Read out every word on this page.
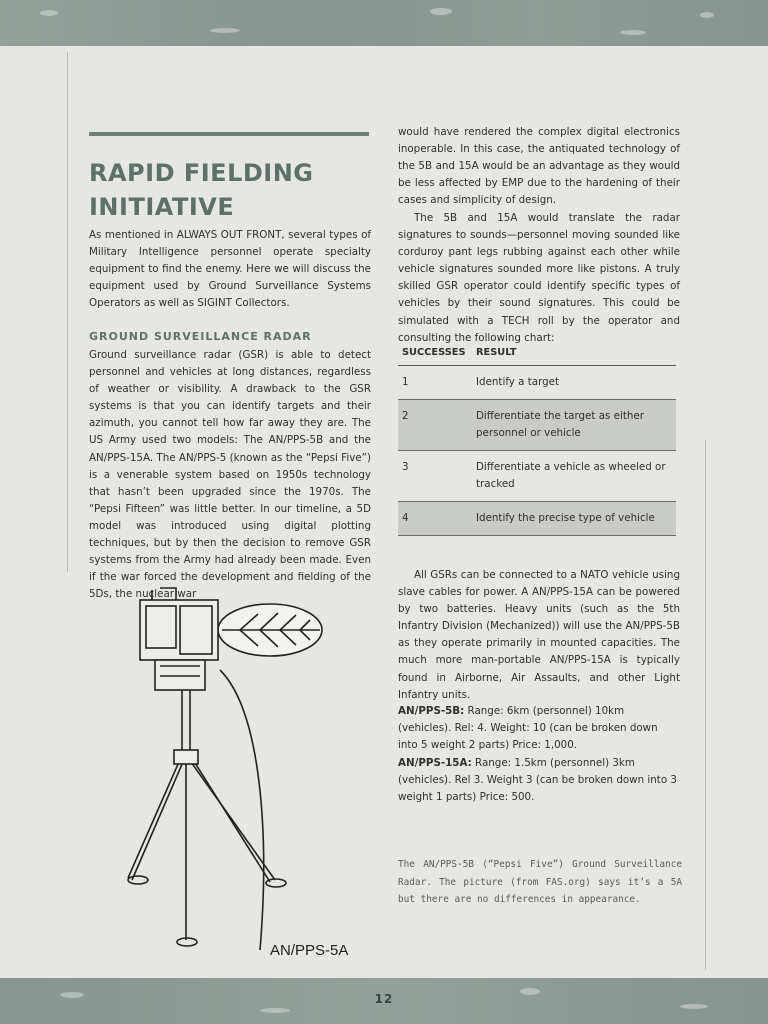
RAPID FIELDING INITIATIVE

As mentioned in ALWAYS OUT FRONT, several types of Military Intelligence personnel operate specialty equipment to find the enemy. Here we will discuss the equipment used by Ground Surveillance Systems Operators as well as SIGINT Collectors.

GROUND SURVEILLANCE RADAR

Ground surveillance radar (GSR) is able to detect personnel and vehicles at long distances, regardless of weather or visibility. A drawback to the GSR systems is that you can identify targets and their azimuth, you cannot tell how far away they are. The US Army used two models: The AN/PPS-5B and the AN/PPS-15A. The AN/PPS-5 (known as the “Pepsi Five”) is a venerable system based on 1950s technology that hasn’t been upgraded since the 1970s. The “Pepsi Fifteen” was little better. In our timeline, a 5D model was introduced using digital plotting techniques, but by then the decision to remove GSR systems from the Army had already been made. Even if the war forced the development and fielding of the 5Ds, the nuclear war

would have rendered the complex digital electronics inoperable. In this case, the antiquated technology of the 5B and 15A would be an advantage as they would be less affected by EMP due to the hardening of their cases and simplicity of design.

The 5B and 15A would translate the radar signatures to sounds—personnel moving sounded like corduroy pant legs rubbing against each other while vehicle signatures sounded more like pistons. A truly skilled GSR operator could identify specific types of vehicles by their sound signatures. This could be simulated with a TECH roll by the operator and consulting the following chart:

SUCCESSES	RESULT
1	Identify a target
2	Differentiate the target as either personnel or vehicle
3	Differentiate a vehicle as wheeled or tracked
4	Identify the precise type of vehicle

All GSRs can be connected to a NATO vehicle using slave cables for power. A AN/PPS-15A can be powered by two batteries. Heavy units (such as the 5th Infantry Division (Mechanized)) will use the AN/PPS-5B as they operate primarily in mounted capacities. The much more man-portable AN/PPS-15A is typically found in Airborne, Air Assaults, and other Light Infantry units.

AN/PPS-5B: Range: 6km (personnel) 10km (vehicles). Rel: 4. Weight: 10 (can be broken down into 5 weight 2 parts) Price: 1,000.

AN/PPS-15A: Range: 1.5km (personnel) 3km (vehicles). Rel 3. Weight 3 (can be broken down into 3 weight 1 parts) Price: 500.

The AN/PPS-5B (“Pepsi Five”) Ground Surveillance Radar. The picture (from FAS.org) says it’s a 5A but there are no differences in appearance.

AN/PPS-5A
12
